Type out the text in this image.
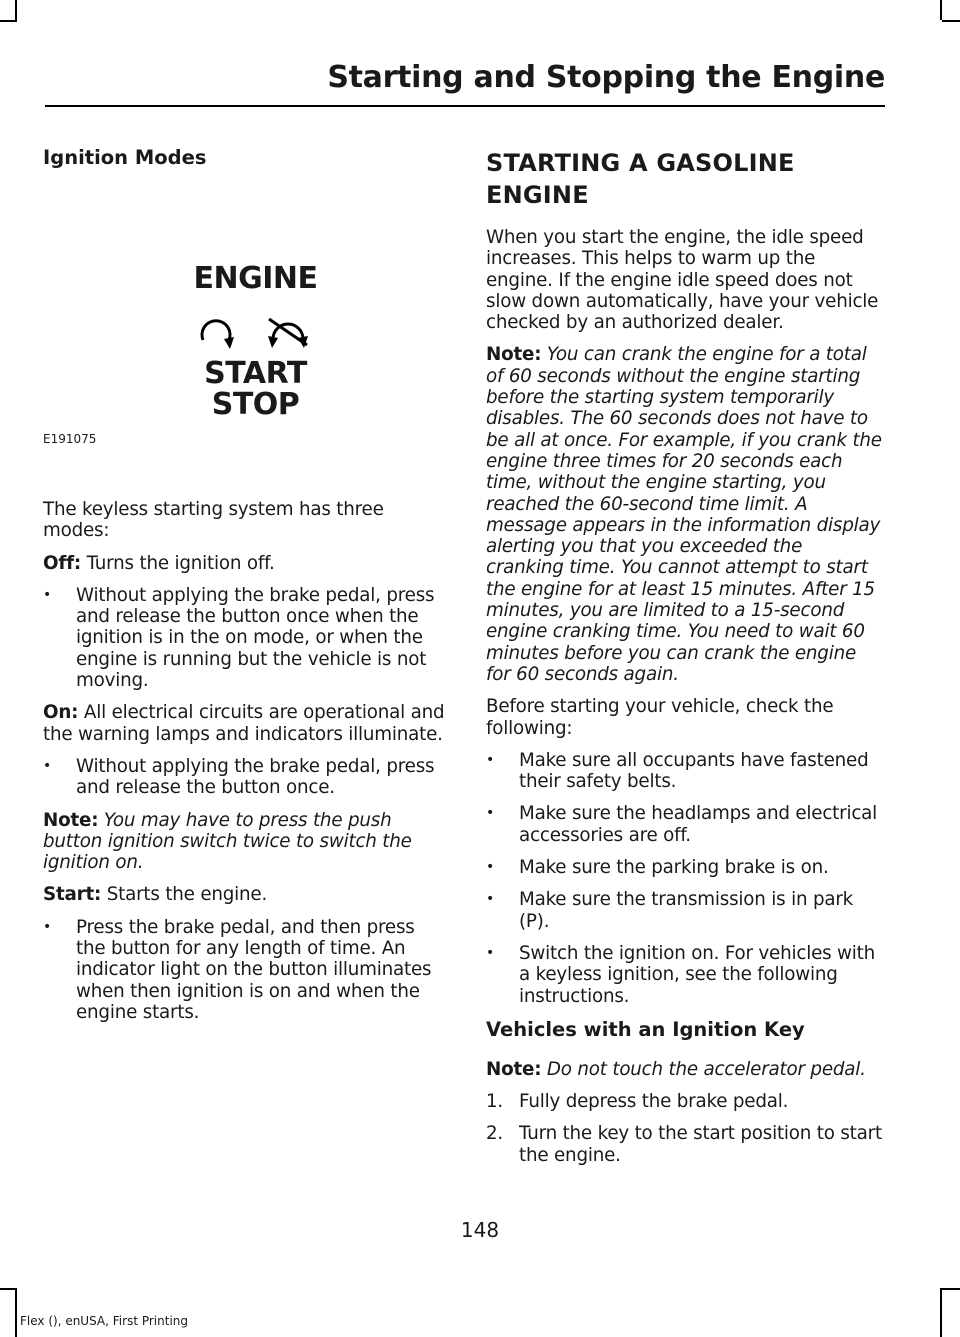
Starting and Stopping the Engine
Ignition Modes
ENGINE
START
STOP
E191075

The keyless starting system has three modes:

Off: Turns the ignition off.

• Without applying the brake pedal, press and release the button once when the ignition is in the on mode, or when the engine is running but the vehicle is not moving.

On: All electrical circuits are operational and the warning lamps and indicators illuminate.

• Without applying the brake pedal, press and release the button once.

Note: You may have to press the push button ignition switch twice to switch the ignition on.

Start: Starts the engine.

• Press the brake pedal, and then press the button for any length of time. An indicator light on the button illuminates when then ignition is on and when the engine starts.
STARTING A GASOLINE
ENGINE

When you start the engine, the idle speed increases. This helps to warm up the engine. If the engine idle speed does not slow down automatically, have your vehicle checked by an authorized dealer.

Note: You can crank the engine for a total of 60 seconds without the engine starting before the starting system temporarily disables. The 60 seconds does not have to be all at once. For example, if you crank the engine three times for 20 seconds each time, without the engine starting, you reached the 60-second time limit. A message appears in the information display alerting you that you exceeded the cranking time. You cannot attempt to start the engine for at least 15 minutes. After 15 minutes, you are limited to a 15-second engine cranking time. You need to wait 60 minutes before you can crank the engine for 60 seconds again.

Before starting your vehicle, check the following:

• Make sure all occupants have fastened their safety belts.
• Make sure the headlamps and electrical accessories are off.
• Make sure the parking brake is on.
• Make sure the transmission is in park (P).
• Switch the ignition on. For vehicles with a keyless ignition, see the following instructions.
Vehicles with an Ignition Key

Note: Do not touch the accelerator pedal.

1. Fully depress the brake pedal.
2. Turn the key to the start position to start the engine.
148
Flex (), enUSA, First Printing
